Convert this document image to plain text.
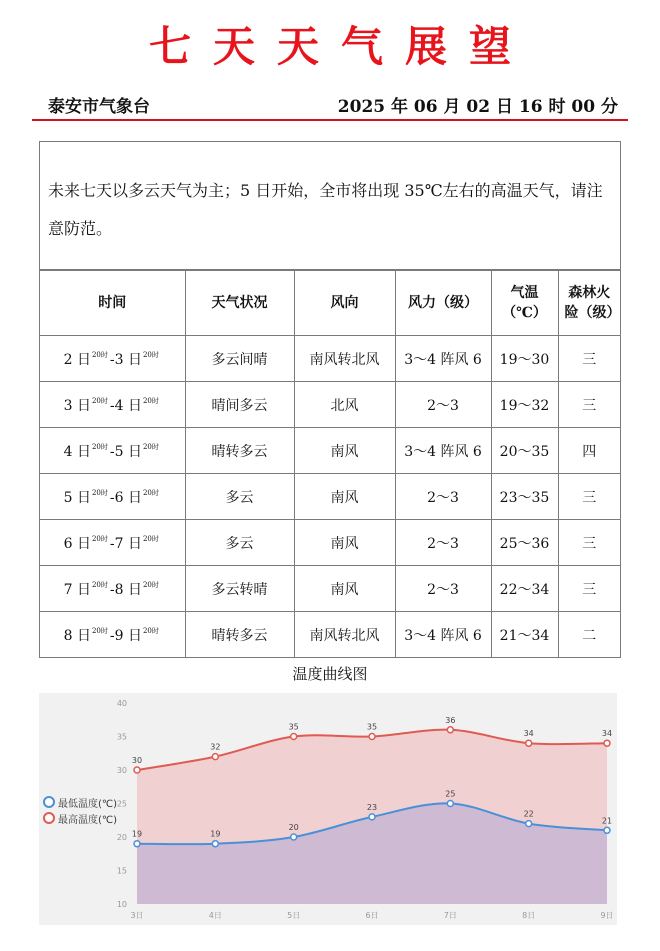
七天天气展望
泰安市气象台	2025 年 06 月 02 日 16 时 00 分
未来七天以多云天气为主；5 日开始，全市将出现 35℃左右的高温天气，请注意防范。
时间	天气状况	风向	风力（级）	气温（℃）	森林火险（级）
2 日$^{20时}$ -3 日$^{20时}$	多云间晴	南风转北风	3～4 阵风 6	19～30	三
3 日$^{20时}$ -4 日$^{20时}$	晴间多云	北风	2～3	19～32	三
4 日$^{20时}$ -5 日$^{20时}$	晴转多云	南风	3～4 阵风 6	20～35	四
5 日$^{20时}$ -6 日$^{20时}$	多云	南风	2～3	23～35	三
6 日$^{20时}$ -7 日$^{20时}$	多云	南风	2～3	25～36	三
7 日$^{20时}$ -8 日$^{20时}$	多云转晴	南风	2～3	22～34	三
8 日$^{20时}$ -9 日$^{20时}$	晴转多云	南风转北风	3～4 阵风 6	21～34	二
温度曲线图
10
15
20
25
30
35
40
3日	4日	5日	6日	7日	8日	9日
30
32
35	35
36
34	34
19	19
20
23
25
22
21
最低温度(℃)
最高温度(℃)
